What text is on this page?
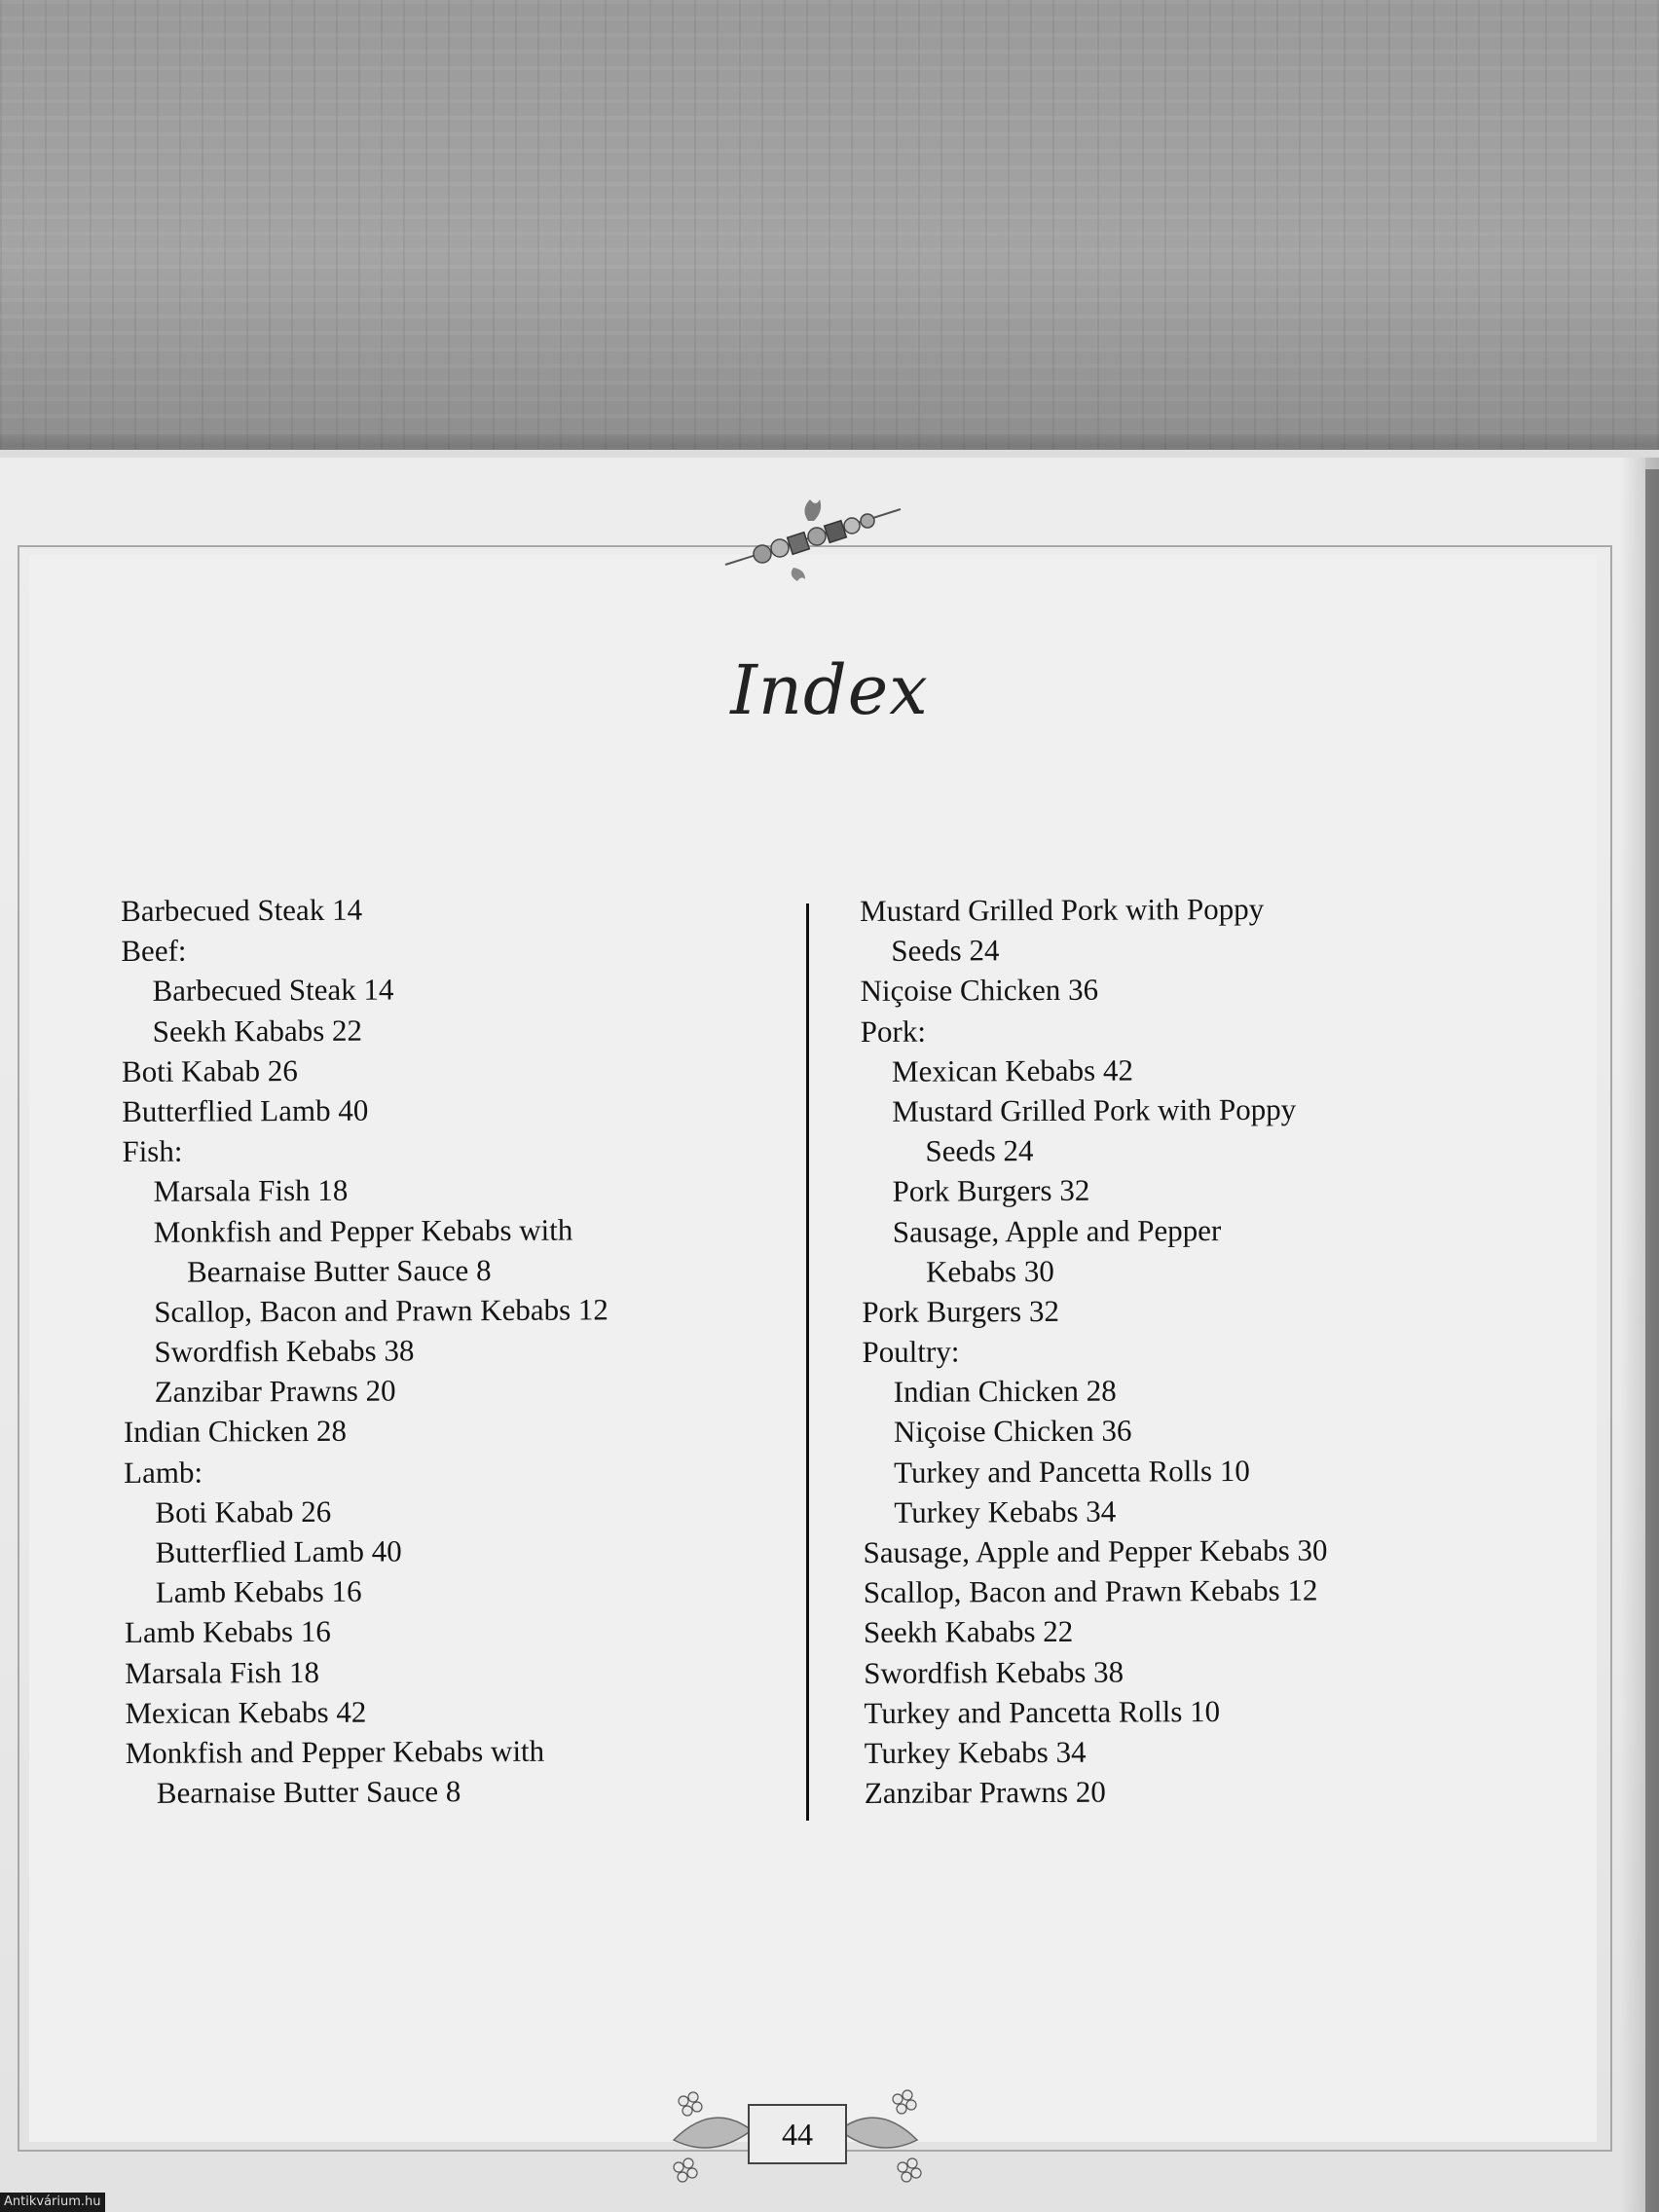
Index
Barbecued Steak 14
Beef:
Barbecued Steak 14
Seekh Kababs 22
Boti Kabab 26
Butterflied Lamb 40
Fish:
Marsala Fish 18
Monkfish and Pepper Kebabs with
Bearnaise Butter Sauce 8
Scallop, Bacon and Prawn Kebabs 12
Swordfish Kebabs 38
Zanzibar Prawns 20
Indian Chicken 28
Lamb:
Boti Kabab 26
Butterflied Lamb 40
Lamb Kebabs 16
Lamb Kebabs 16
Marsala Fish 18
Mexican Kebabs 42
Monkfish and Pepper Kebabs with
Bearnaise Butter Sauce 8
Mustard Grilled Pork with Poppy
Seeds 24
Niçoise Chicken 36
Pork:
Mexican Kebabs 42
Mustard Grilled Pork with Poppy
Seeds 24
Pork Burgers 32
Sausage, Apple and Pepper
Kebabs 30
Pork Burgers 32
Poultry:
Indian Chicken 28
Niçoise Chicken 36
Turkey and Pancetta Rolls 10
Turkey Kebabs 34
Sausage, Apple and Pepper Kebabs 30
Scallop, Bacon and Prawn Kebabs 12
Seekh Kababs 22
Swordfish Kebabs 38
Turkey and Pancetta Rolls 10
Turkey Kebabs 34
Zanzibar Prawns 20
44
Antikvárium.hu
